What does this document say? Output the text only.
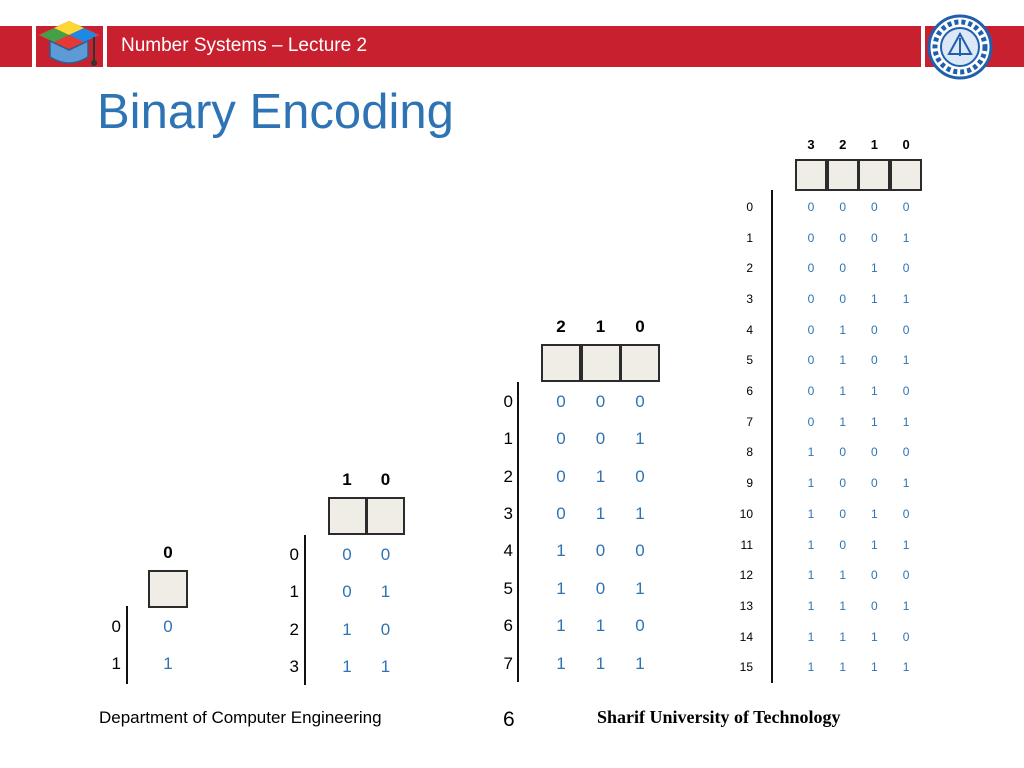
Number Systems – Lecture 2
Binary Encoding
0
0	0
1	1
1	0
0	0	0
1	0	1
2	1	0
3	1	1
2	1	0
0	0	0	0
1	0	0	1
2	0	1	0
3	0	1	1
4	1	0	0
5	1	0	1
6	1	1	0
7	1	1	1
3	2	1	0
0	0	0	0	0
1	0	0	0	1
2	0	0	1	0
3	0	0	1	1
4	0	1	0	0
5	0	1	0	1
6	0	1	1	0
7	0	1	1	1
8	1	0	0	0
9	1	0	0	1
10	1	0	1	0
11	1	0	1	1
12	1	1	0	0
13	1	1	0	1
14	1	1	1	0
15	1	1	1	1
Department of Computer Engineering	6	Sharif University of Technology
